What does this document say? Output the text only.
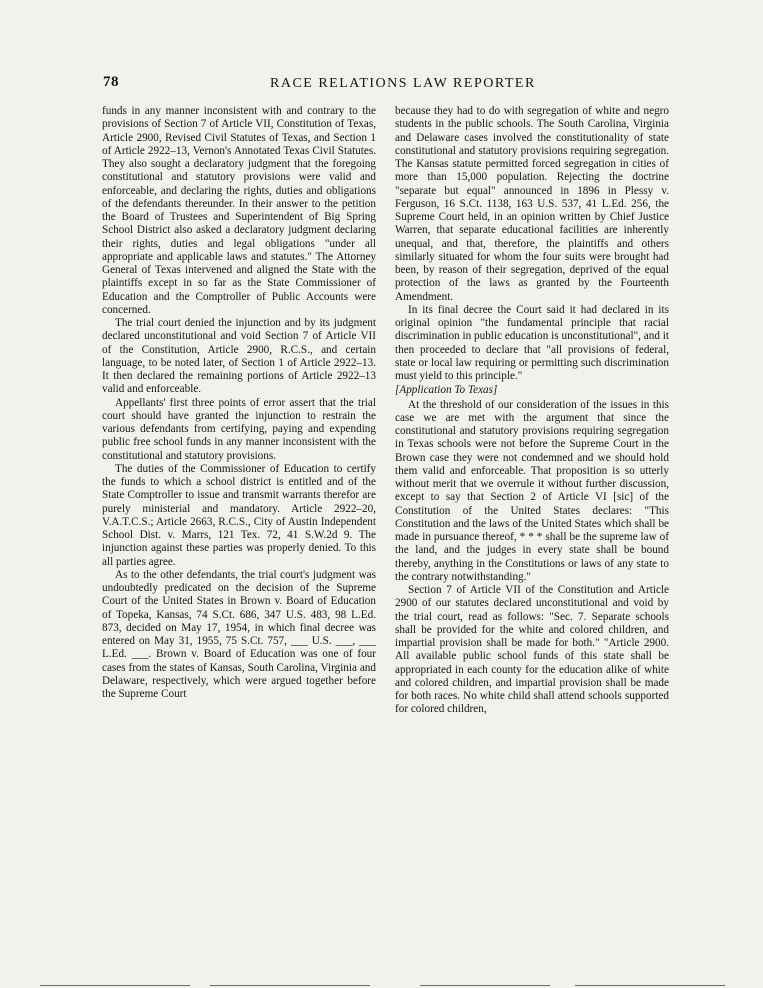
78	RACE RELATIONS LAW REPORTER

funds in any manner inconsistent with and contrary to the provisions of Section 7 of Article VII, Constitution of Texas, Article 2900, Revised Civil Statutes of Texas, and Section 1 of Article 2922–13, Vernon's Annotated Texas Civil Statutes. They also sought a declaratory judgment that the foregoing constitutional and statutory provisions were valid and enforceable, and declaring the rights, duties and obligations of the defendants thereunder. In their answer to the petition the Board of Trustees and Superintendent of Big Spring School District also asked a declaratory judgment declaring their rights, duties and legal obligations "under all appropriate and applicable laws and statutes." The Attorney General of Texas intervened and aligned the State with the plaintiffs except in so far as the State Commissioner of Education and the Comptroller of Public Accounts were concerned.

The trial court denied the injunction and by its judgment declared unconstitutional and void Section 7 of Article VII of the Constitution, Article 2900, R.C.S., and certain language, to be noted later, of Section 1 of Article 2922–13. It then declared the remaining portions of Article 2922–13 valid and enforceable.

Appellants' first three points of error assert that the trial court should have granted the injunction to restrain the various defendants from certifying, paying and expending public free school funds in any manner inconsistent with the constitutional and statutory provisions.

The duties of the Commissioner of Education to certify the funds to which a school district is entitled and of the State Comptroller to issue and transmit warrants therefor are purely ministerial and mandatory. Article 2922–20, V.A.T.C.S.; Article 2663, R.C.S., City of Austin Independent School Dist. v. Marrs, 121 Tex. 72, 41 S.W.2d 9. The injunction against these parties was properly denied. To this all parties agree.

As to the other defendants, the trial court's judgment was undoubtedly predicated on the decision of the Supreme Court of the United States in Brown v. Board of Education of Topeka, Kansas, 74 S.Ct. 686, 347 U.S. 483, 98 L.Ed. 873, decided on May 17, 1954, in which final decree was entered on May 31, 1955, 75 S.Ct. 757, ___ U.S. ___, ___ L.Ed. ___. Brown v. Board of Education was one of four cases from the states of Kansas, South Carolina, Virginia and Delaware, respectively, which were argued together before the Supreme Court

because they had to do with segregation of white and negro students in the public schools. The South Carolina, Virginia and Delaware cases involved the constitutionality of state constitutional and statutory provisions requiring segregation. The Kansas statute permitted forced segregation in cities of more than 15,000 population. Rejecting the doctrine "separate but equal" announced in 1896 in Plessy v. Ferguson, 16 S.Ct. 1138, 163 U.S. 537, 41 L.Ed. 256, the Supreme Court held, in an opinion written by Chief Justice Warren, that separate educational facilities are inherently unequal, and that, therefore, the plaintiffs and others similarly situated for whom the four suits were brought had been, by reason of their segregation, deprived of the equal protection of the laws as granted by the Fourteenth Amendment.

In its final decree the Court said it had declared in its original opinion "the fundamental principle that racial discrimination in public education is unconstitutional", and it then proceeded to declare that "all provisions of federal, state or local law requiring or permitting such discrimination must yield to this principle."

[Application To Texas]

At the threshold of our consideration of the issues in this case we are met with the argument that since the constitutional and statutory provisions requiring segregation in Texas schools were not before the Supreme Court in the Brown case they were not condemned and we should hold them valid and enforceable. That proposition is so utterly without merit that we overrule it without further discussion, except to say that Section 2 of Article VI [sic] of the Constitution of the United States declares: "This Constitution and the laws of the United States which shall be made in pursuance thereof, * * * shall be the supreme law of the land, and the judges in every state shall be bound thereby, anything in the Constitutions or laws of any state to the contrary notwithstanding."

Section 7 of Article VII of the Constitution and Article 2900 of our statutes declared unconstitutional and void by the trial court, read as follows: "Sec. 7. Separate schools shall be provided for the white and colored children, and impartial provision shall be made for both." "Article 2900. All available public school funds of this state shall be appropriated in each county for the education alike of white and colored children, and impartial provision shall be made for both races. No white child shall attend schools supported for colored children,
